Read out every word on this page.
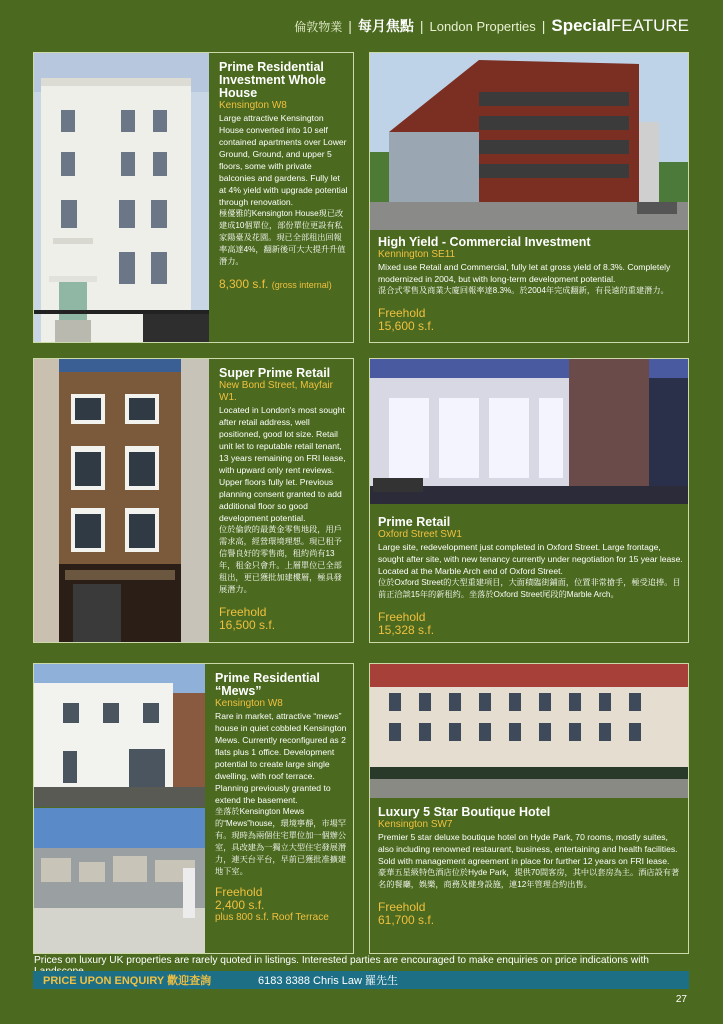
倫敦物業 | 每月焦點 | London Properties | SpecialFEATURE
Prime Residential Investment Whole House
Kensington W8
Large attractive Kensington House converted into 10 self contained apartments over Lower Ground, Ground, and upper 5 floors, some with private balconies and gardens. Fully let at 4% yield with upgrade potential through renovation.
極優雅的Kensington House現已改建成10個單位，部份單位更設有私家陽臺及花園。現已全部租出回報率高達4%，翻新後可大大提升升值潛力。
8,300 s.f. (gross internal)
High Yield - Commercial Investment
Kennington SE11
Mixed use Retail and Commercial, fully let at gross yield of 8.3%. Completely modernized in 2004, but with long-term development potential.
混合式零售及商業大廈回報率達8.3%。於2004年完成翻新，有長遠的重建潛力。
Freehold
15,600 s.f.
Super Prime Retail
New Bond Street, Mayfair W1.
Located in London's most sought after retail address, well positioned, good lot size. Retail unit let to reputable retail tenant, 13 years remaining on FRI lease, with upward only rent reviews. Upper floors fully let. Previous planning consent granted to add additional floor so good development potential.
位於倫敦的最黃金零售地段，用戶需求高，經營環境理想。現已租予信譽良好的零售商，租約尚有13年，租金只會升。上層單位已全部租出，更已獲批加建樓層，極具發展潛力。
Freehold
16,500 s.f.
Prime Retail
Oxford Street SW1
Large site, redevelopment just completed in Oxford Street. Large frontage, sought after site, with new tenancy currently under negotiation for 15 year lease. Located at the Marble Arch end of Oxford Street.
位於Oxford Street的大型重建項目，大面積臨街鋪面，位置非常搶手，極受追捧。目前正洽談15年的新租約。坐落於Oxford Street尾段的Marble Arch。
Freehold
15,328 s.f.
Prime Residential “Mews”
Kensington W8
Rare in market, attractive “mews” house in quiet cobbled Kensington Mews. Currently reconfigured as 2 flats plus 1 office. Development potential to create large single dwelling, with roof terrace. Planning previously granted to extend the basement.
坐落於Kensington Mews的“Mews”house，環境寧靜，市場罕有。現時為兩個住宅單位加一個辦公室，具改建為一獨立大型住宅發展潛力，連天台平台，早前已獲批准擴建地下室。
Freehold
2,400 s.f.
plus 800 s.f. Roof Terrace
Luxury 5 Star Boutique Hotel
Kensington SW7
Premier 5 star deluxe boutique hotel on Hyde Park, 70 rooms, mostly suites, also including renowned restaurant, business, entertaining and health facilities. Sold with management agreement in place for further 12 years on FRI lease.
豪華五星級特色酒店位於Hyde Park，提供70間客房，其中以套房為主。酒店設有著名的餐廳，娛樂，商務及健身設施，連12年管理合約出售。
Freehold
61,700 s.f.
Prices on luxury UK properties are rarely quoted in listings. Interested parties are encouraged to make enquiries on price indications with
PRICE UPON ENQUIRY 歡迎查詢	6183 8388 Chris Law 羅先生
27
